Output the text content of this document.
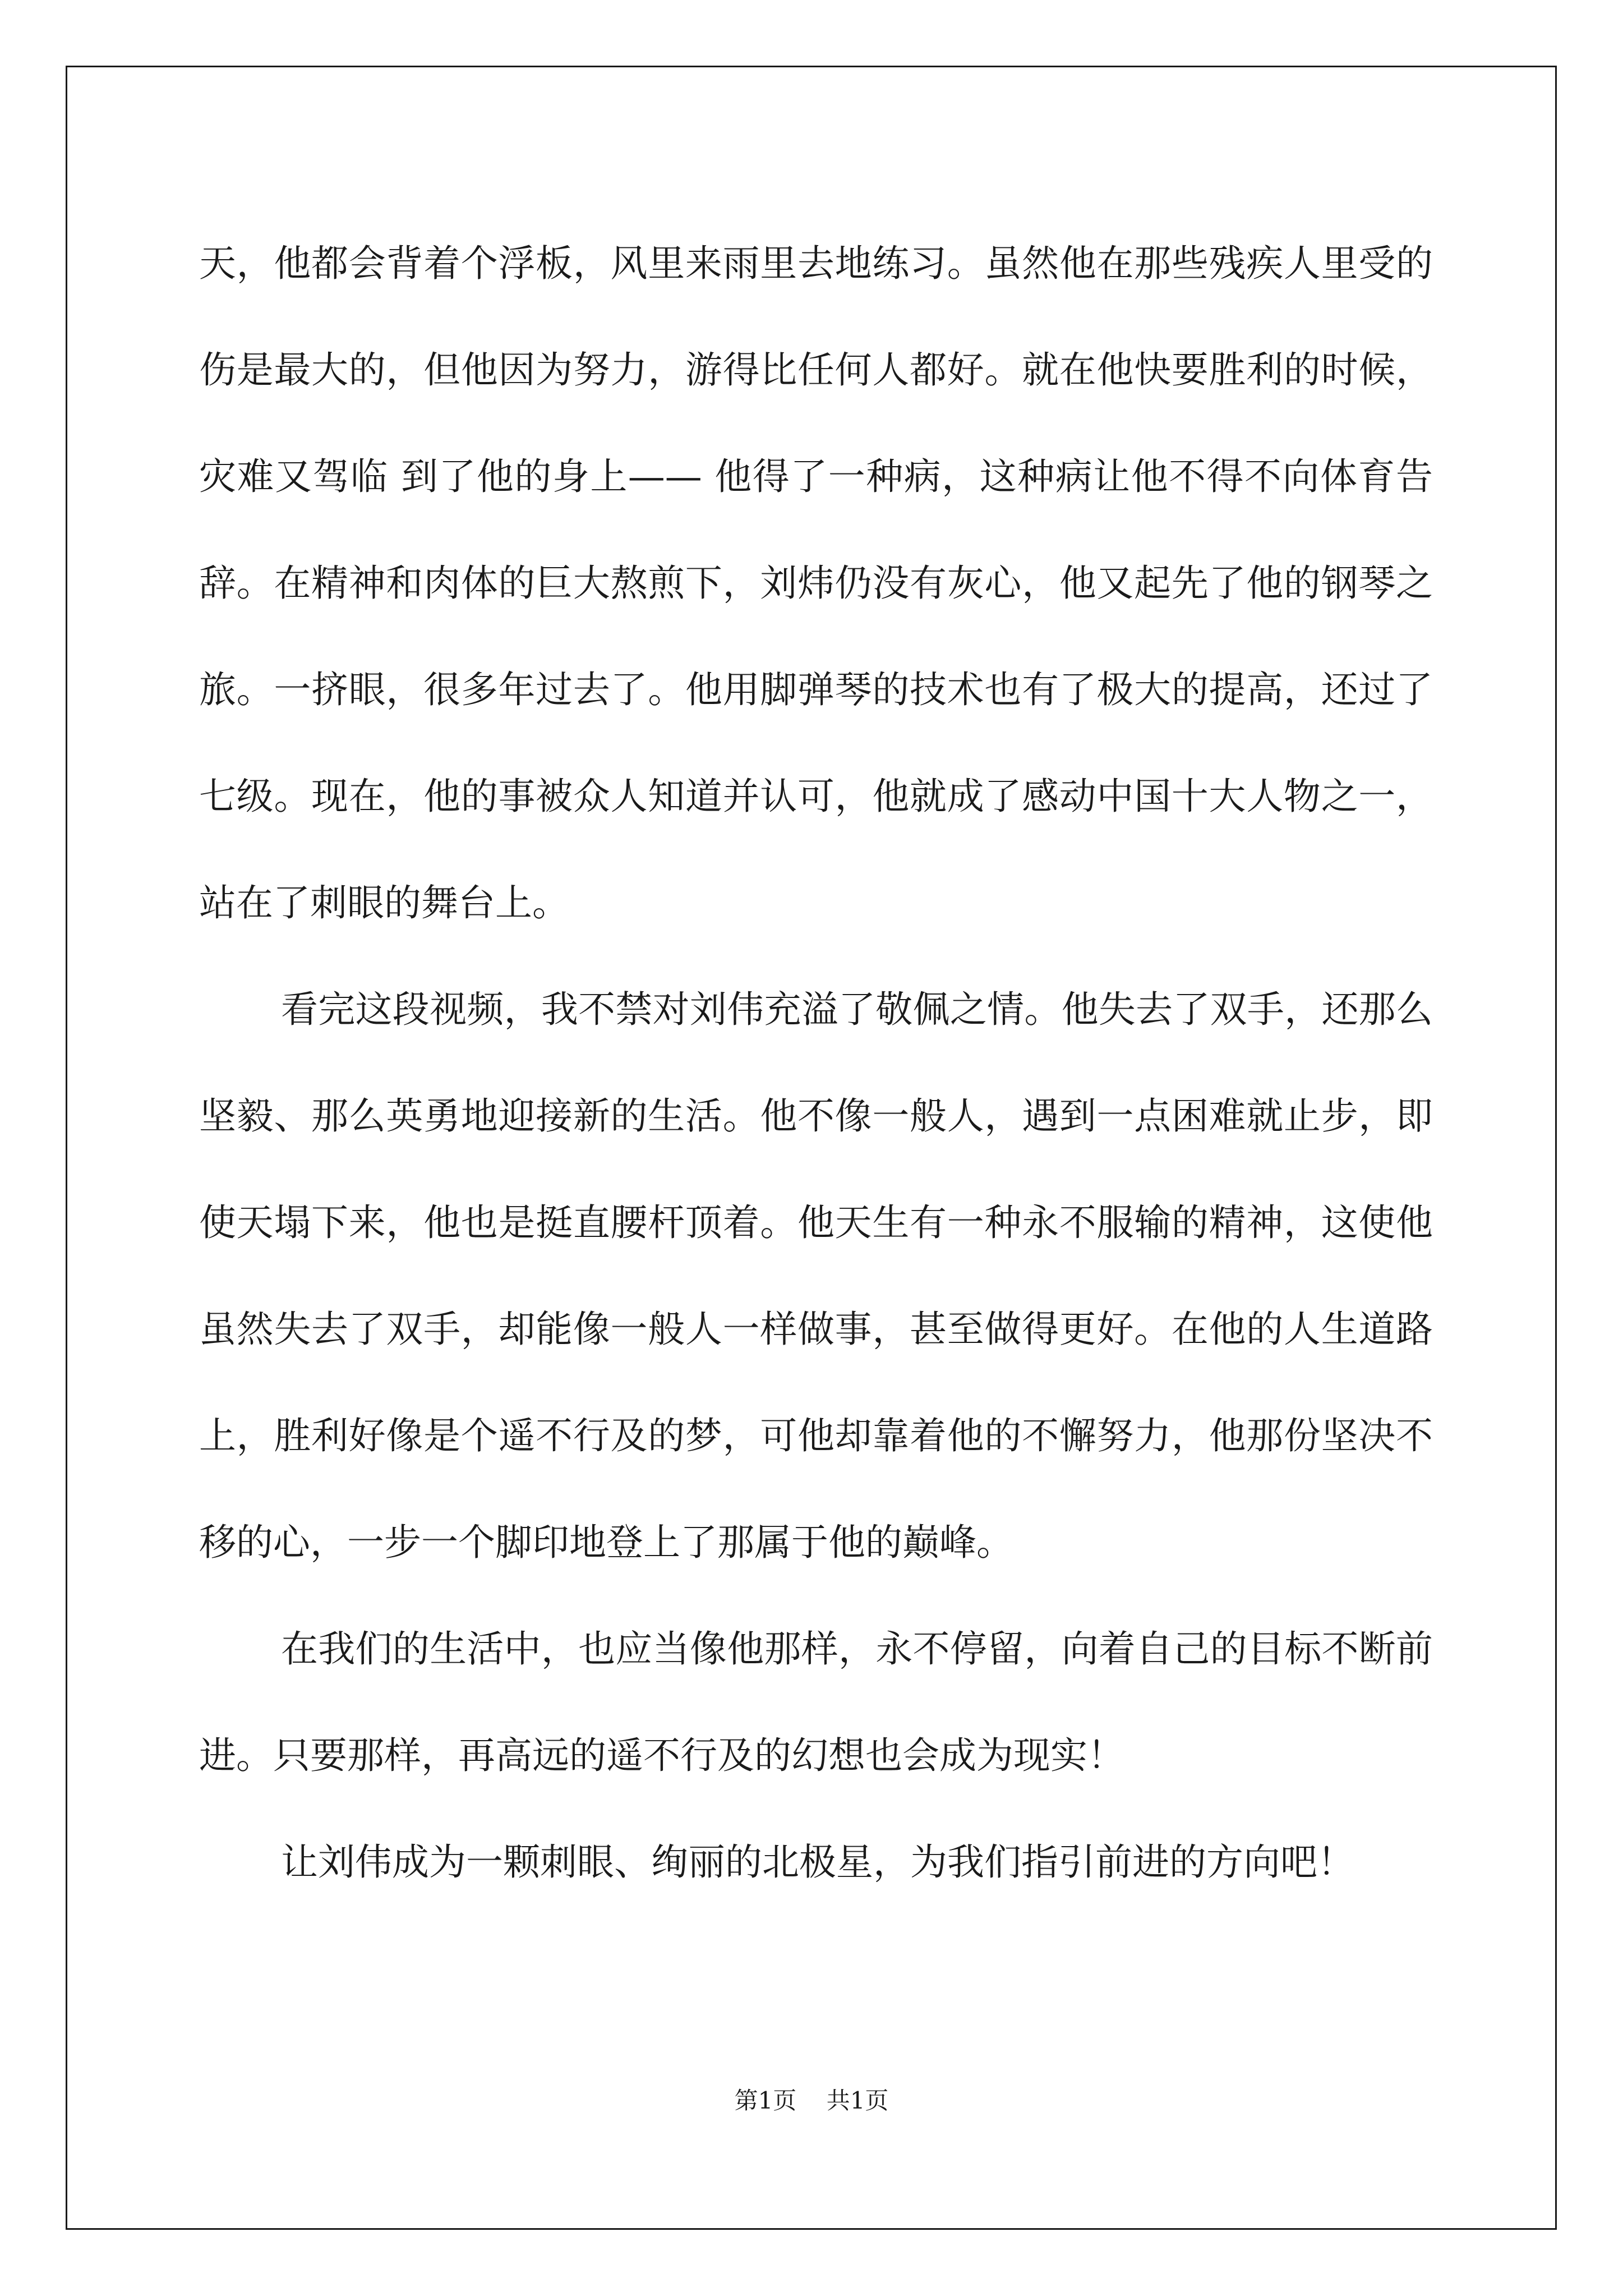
天，他都会背着个浮板，风里来雨里去地练习。虽然他在那些残疾人里受的伤是最大的，但他因为努力，游得比任何人都好。就在他快要胜利的时候，灾难又驾临 到了他的身上—— 他得了一种病，这种病让他不得不向体育告辞。在精神和肉体的巨大熬煎下，刘炜仍没有灰心，他又起先了他的钢琴之旅。一挤眼，很多年过去了。他用脚弹琴的技术也有了极大的提高，还过了七级。现在，他的事被众人知道并认可，他就成了感动中国十大人物之一，站在了刺眼的舞台上。

看完这段视频，我不禁对刘伟充溢了敬佩之情。他失去了双手，还那么坚毅、那么英勇地迎接新的生活。他不像一般人，遇到一点困难就止步，即使天塌下来，他也是挺直腰杆顶着。他天生有一种永不服输的精神，这使他虽然失去了双手，却能像一般人一样做事，甚至做得更好。在他的人生道路上，胜利好像是个遥不行及的梦，可他却靠着他的不懈努力，他那份坚决不移的心，一步一个脚印地登上了那属于他的巅峰。

在我们的生活中，也应当像他那样，永不停留，向着自己的目标不断前进。只要那样，再高远的遥不行及的幻想也会成为现实！

让刘伟成为一颗刺眼、绚丽的北极星，为我们指引前进的方向吧！

第1页 共1页
